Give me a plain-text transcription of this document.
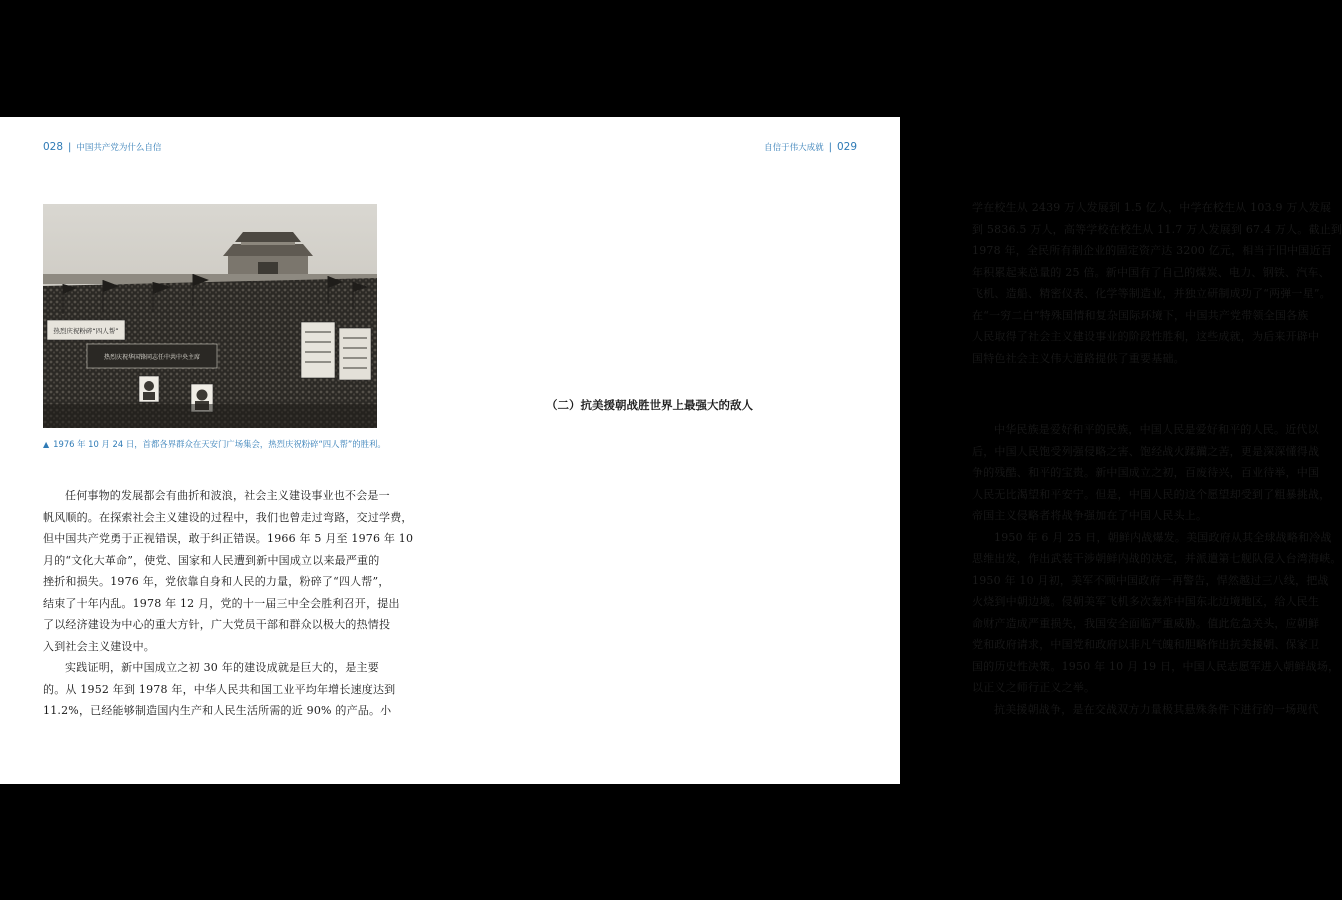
028 | 中国共产党为什么自信
热烈庆祝粉碎“四人帮”
热烈庆祝华国锋同志任中共中央主席
▲ 1976 年 10 月 24 日，首都各界群众在天安门广场集会，热烈庆祝粉碎“四人帮”的胜利。
任何事物的发展都会有曲折和波浪，社会主义建设事业也不会是一
帆风顺的。在探索社会主义建设的过程中，我们也曾走过弯路，交过学费，
但中国共产党勇于正视错误，敢于纠正错误。1966 年 5 月至 1976 年 10
月的“文化大革命”，使党、国家和人民遭到新中国成立以来最严重的
挫折和损失。1976 年，党依靠自身和人民的力量，粉碎了“四人帮”，
结束了十年内乱。1978 年 12 月，党的十一届三中全会胜利召开，提出
了以经济建设为中心的重大方针，广大党员干部和群众以极大的热情投
入到社会主义建设中。
实践证明，新中国成立之初 30 年的建设成就是巨大的，是主要
的。从 1952 年到 1978 年，中华人民共和国工业平均年增长速度达到
11.2%，已经能够制造国内生产和人民生活所需的近 90% 的产品。小
自信于伟大成就 | 029
学在校生从 2439 万人发展到 1.5 亿人，中学在校生从 103.9 万人发展
到 5836.5 万人，高等学校在校生从 11.7 万人发展到 67.4 万人。截止到
1978 年，全民所有制企业的固定资产达 3200 亿元，相当于旧中国近百
年积累起来总量的 25 倍。新中国有了自己的煤炭、电力、钢铁、汽车、
飞机、造船、精密仪表、化学等制造业，并独立研制成功了“两弹一星”。
在“一穷二白”特殊国情和复杂国际环境下，中国共产党带领全国各族
人民取得了社会主义建设事业的阶段性胜利，这些成就，为后来开辟中
国特色社会主义伟大道路提供了重要基础。
（二）抗美援朝战胜世界上最强大的敌人
中华民族是爱好和平的民族，中国人民是爱好和平的人民。近代以
后，中国人民饱受列强侵略之害、饱经战火蹂躏之苦，更是深深懂得战
争的残酷、和平的宝贵。新中国成立之初，百废待兴，百业待举，中国
人民无比渴望和平安宁。但是，中国人民的这个愿望却受到了粗暴挑战，
帝国主义侵略者将战争强加在了中国人民头上。
1950 年 6 月 25 日，朝鲜内战爆发。美国政府从其全球战略和冷战
思维出发，作出武装干涉朝鲜内战的决定，并派遣第七舰队侵入台湾海峡。
1950 年 10 月初，美军不顾中国政府一再警告，悍然越过三八线，把战
火烧到中朝边境。侵朝美军飞机多次轰炸中国东北边境地区，给人民生
命财产造成严重损失，我国安全面临严重威胁。值此危急关头，应朝鲜
党和政府请求，中国党和政府以非凡气魄和胆略作出抗美援朝、保家卫
国的历史性决策。1950 年 10 月 19 日，中国人民志愿军进入朝鲜战场，
以正义之师行正义之举。
抗美援朝战争，是在交战双方力量极其悬殊条件下进行的一场现代
